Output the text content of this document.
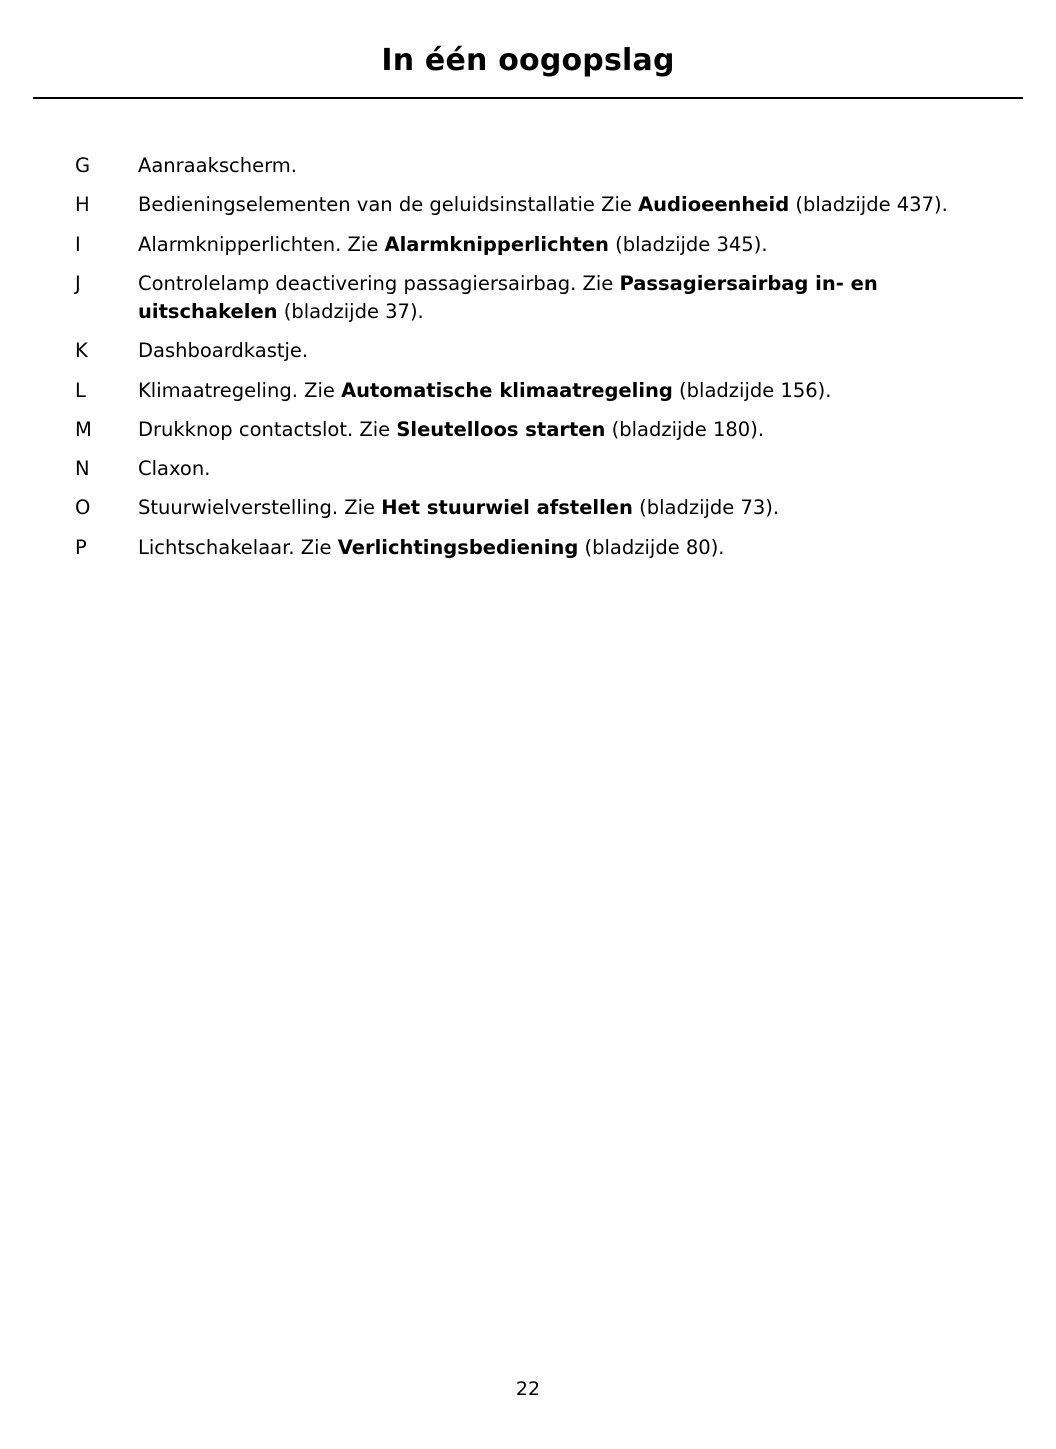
In één oogopslag
G	Aanraakscherm.
H	Bedieningselementen van de geluidsinstallatie Zie Audioeenheid (bladzijde 437).
I	Alarmknipperlichten. Zie Alarmknipperlichten (bladzijde 345).
J	Controlelamp deactivering passagiersairbag. Zie Passagiersairbag in- en uitschakelen (bladzijde 37).
K	Dashboardkastje.
L	Klimaatregeling. Zie Automatische klimaatregeling (bladzijde 156).
M	Drukknop contactslot. Zie Sleutelloos starten (bladzijde 180).
N	Claxon.
O	Stuurwielverstelling. Zie Het stuurwiel afstellen (bladzijde 73).
P	Lichtschakelaar. Zie Verlichtingsbediening (bladzijde 80).
22
